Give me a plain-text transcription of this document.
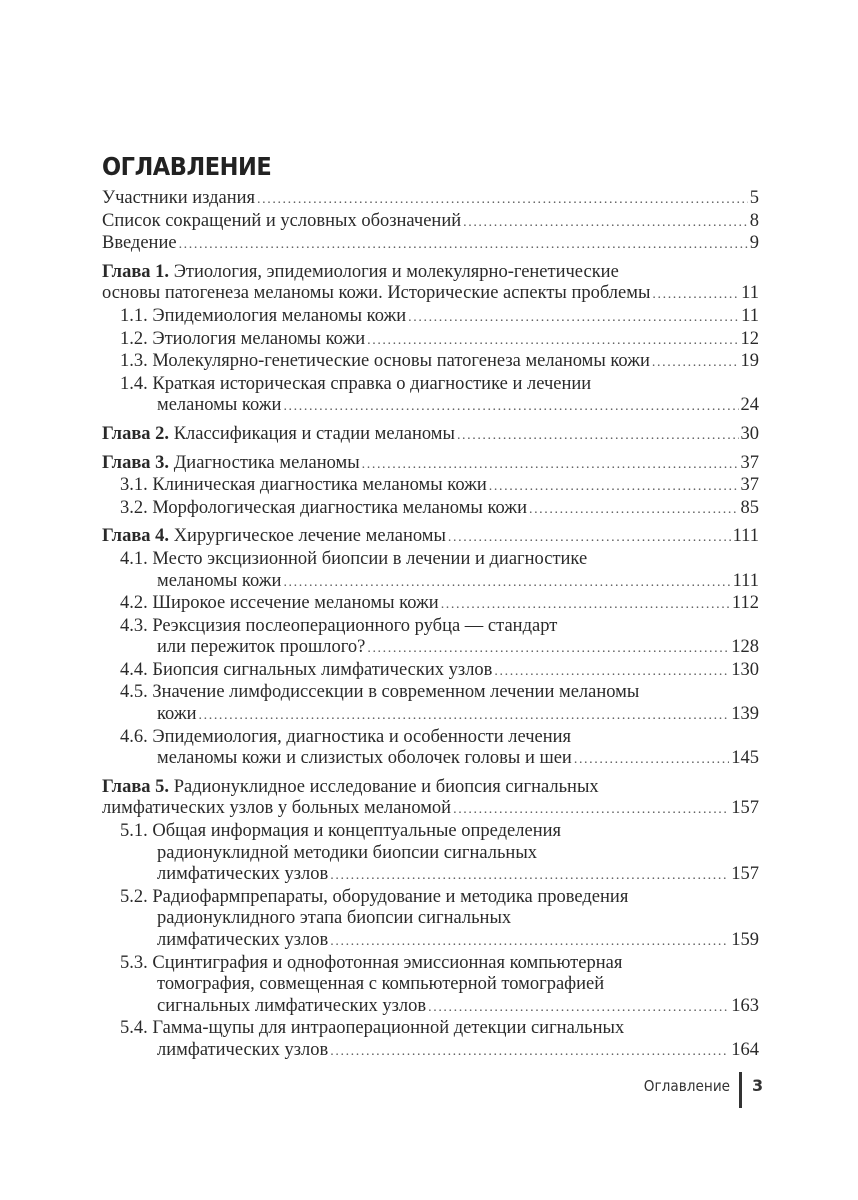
ОГЛАВЛЕНИЕ
Участники издания .....	5
Список сокращений и условных обозначений .....	8
Введение .....	9
Глава 1. Этиология, эпидемиология и молекулярно-генетические
основы патогенеза меланомы кожи. Исторические аспекты проблемы .....	11
1.1. Эпидемиология меланомы кожи .....	11
1.2. Этиология меланомы кожи .....	12
1.3. Молекулярно-генетические основы патогенеза меланомы кожи .....	19
1.4. Краткая историческая справка о диагностике и лечении
меланомы кожи .....	24
Глава 2. Классификация и стадии меланомы .....	30
Глава 3. Диагностика меланомы .....	37
3.1. Клиническая диагностика меланомы кожи .....	37
3.2. Морфологическая диагностика меланомы кожи .....	85
Глава 4. Хирургическое лечение меланомы .....	111
4.1. Место эксцизионной биопсии в лечении и диагностике
меланомы кожи .....	111
4.2. Широкое иссечение меланомы кожи .....	112
4.3. Реэксцизия послеоперационного рубца — стандарт
или пережиток прошлого? .....	128
4.4. Биопсия сигнальных лимфатических узлов .....	130
4.5. Значение лимфодиссекции в современном лечении меланомы
кожи .....	139
4.6. Эпидемиология, диагностика и особенности лечения
меланомы кожи и слизистых оболочек головы и шеи .....	145
Глава 5. Радионуклидное исследование и биопсия сигнальных
лимфатических узлов у больных меланомой .....	157
5.1. Общая информация и концептуальные определения
радионуклидной методики биопсии сигнальных
лимфатических узлов .....	157
5.2. Радиофармпрепараты, оборудование и методика проведения
радионуклидного этапа биопсии сигнальных
лимфатических узлов .....	159
5.3. Сцинтиграфия и однофотонная эмиссионная компьютерная
томография, совмещенная с компьютерной томографией
сигнальных лимфатических узлов .....	163
5.4. Гамма-щупы для интраоперационной детекции сигнальных
лимфатических узлов .....	164
Оглавление 3
